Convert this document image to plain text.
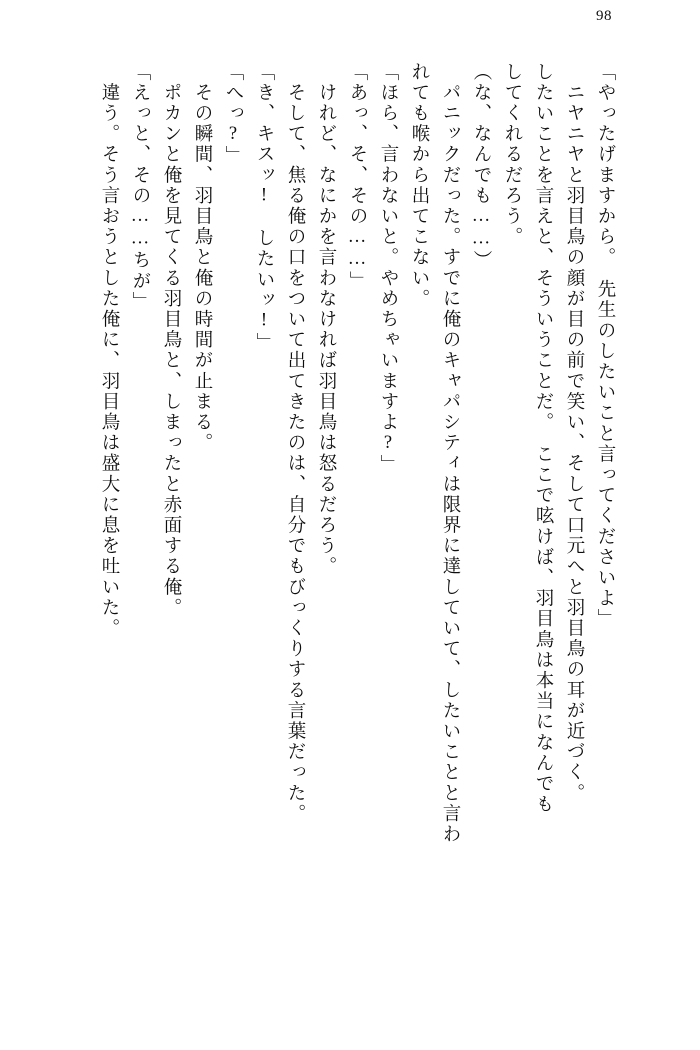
98
「やったげますから。　先生のしたいこと言ってくださいよ」
　ニヤニヤと羽目鳥の顔が目の前で笑い、そして口元へと羽目鳥の耳が近づく。
したいことを言えと、そういうことだ。　ここで呟けば、羽目鳥は本当になんでも
してくれるだろう。
（な、なんでも……）
　パニックだった。すでに俺のキャパシティは限界に達していて、したいことと言わ
れても喉から出てこない。
「ほら、言わないと。やめちゃいますよ?」
「あっ、そ、その……」
　けれど、なにかを言わなければ羽目鳥は怒るだろう。
　そして、焦る俺の口をついて出てきたのは、自分でもびっくりする言葉だった。
「き、キスッ!　したいッ!」
「へっ?」
　その瞬間、羽目鳥と俺の時間が止まる。
　ポカンと俺を見てくる羽目鳥と、しまったと赤面する俺。
「えっと、その……ちが」
　違う。そう言おうとした俺に、羽目鳥は盛大に息を吐いた。
